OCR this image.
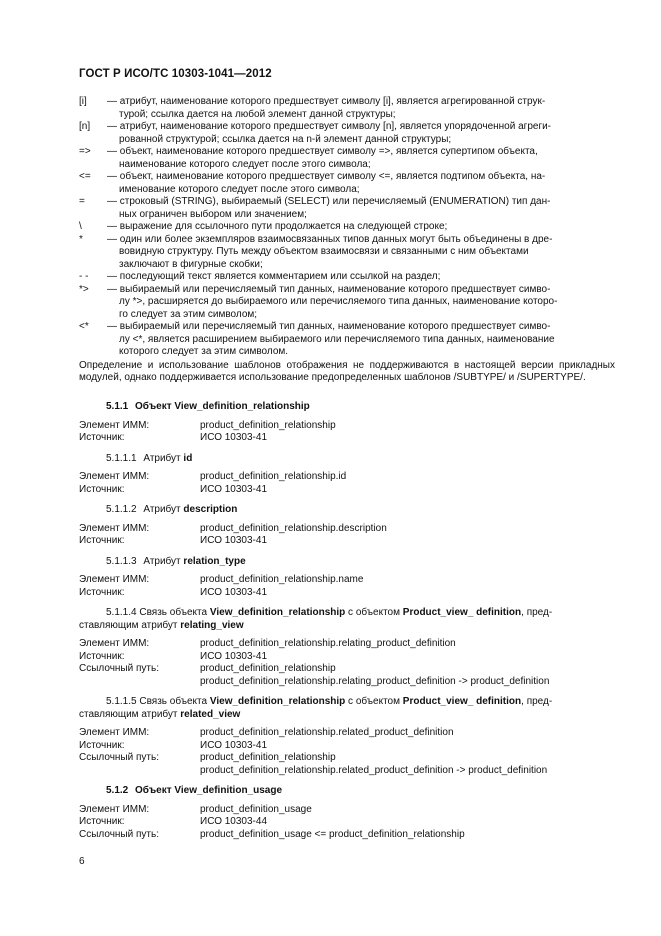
ГОСТ Р ИСО/ТС 10303-1041—2012
[i]	— атрибут, наименование которого предшествует символу [i], является агрегированной струк-
турой; ссылка дается на любой элемент данной структуры;
[n]	— атрибут, наименование которого предшествует символу [n], является упорядоченной агреги-
рованной структурой; ссылка дается на n-й элемент данной структуры;
=>	— объект, наименование которого предшествует символу =>, является супертипом объекта,
наименование которого следует после этого символа;
<=	— объект, наименование которого предшествует символу <=, является подтипом объекта, на-
именование которого следует после этого символа;
=	— строковый (STRING), выбираемый (SELECT) или перечисляемый (ENUMERATION) тип дан-
ных ограничен выбором или значением;
\	— выражение для ссылочного пути продолжается на следующей строке;
*	— один или более экземпляров взаимосвязанных типов данных могут быть объединены в дре-
вовидную структуру. Путь между объектом взаимосвязи и связанными с ним объектами
заключают в фигурные скобки;
- -	— последующий текст является комментарием или ссылкой на раздел;
*>	— выбираемый или перечисляемый тип данных, наименование которого предшествует симво-
лу *>, расширяется до выбираемого или перечисляемого типа данных, наименование которо-
го следует за этим символом;
<*	— выбираемый или перечисляемый тип данных, наименование которого предшествует симво-
лу <*, является расширением выбираемого или перечисляемого типа данных, наименование
которого следует за этим символом.
Определение и использование шаблонов отображения не поддерживаются в настоящей версии прикладных модулей, однако поддерживается использование предопределенных шаблонов /SUBTYPE/ и /SUPERTYPE/.
5.1.1 Объект View_definition_relationship
Элемент ИММ:	product_definition_relationship
Источник:	ИСО 10303-41
5.1.1.1 Атрибут id
Элемент ИММ:	product_definition_relationship.id
Источник:	ИСО 10303-41
5.1.1.2 Атрибут description
Элемент ИММ:	product_definition_relationship.description
Источник:	ИСО 10303-41
5.1.1.3 Атрибут relation_type
Элемент ИММ:	product_definition_relationship.name
Источник:	ИСО 10303-41
5.1.1.4 Связь объекта View_definition_relationship с объектом Product_view_ definition, пред-
ставляющим атрибут relating_view
Элемент ИММ:	product_definition_relationship.relating_product_definition
Источник:	ИСО 10303-41
Ссылочный путь:	product_definition_relationship
product_definition_relationship.relating_product_definition -> product_definition
5.1.1.5 Связь объекта View_definition_relationship с объектом Product_view_ definition, пред-
ставляющим атрибут related_view
Элемент ИММ:	product_definition_relationship.related_product_definition
Источник:	ИСО 10303-41
Ссылочный путь:	product_definition_relationship
product_definition_relationship.related_product_definition -> product_definition
5.1.2 Объект View_definition_usage
Элемент ИММ:	product_definition_usage
Источник:	ИСО 10303-44
Ссылочный путь:	product_definition_usage <= product_definition_relationship
6
